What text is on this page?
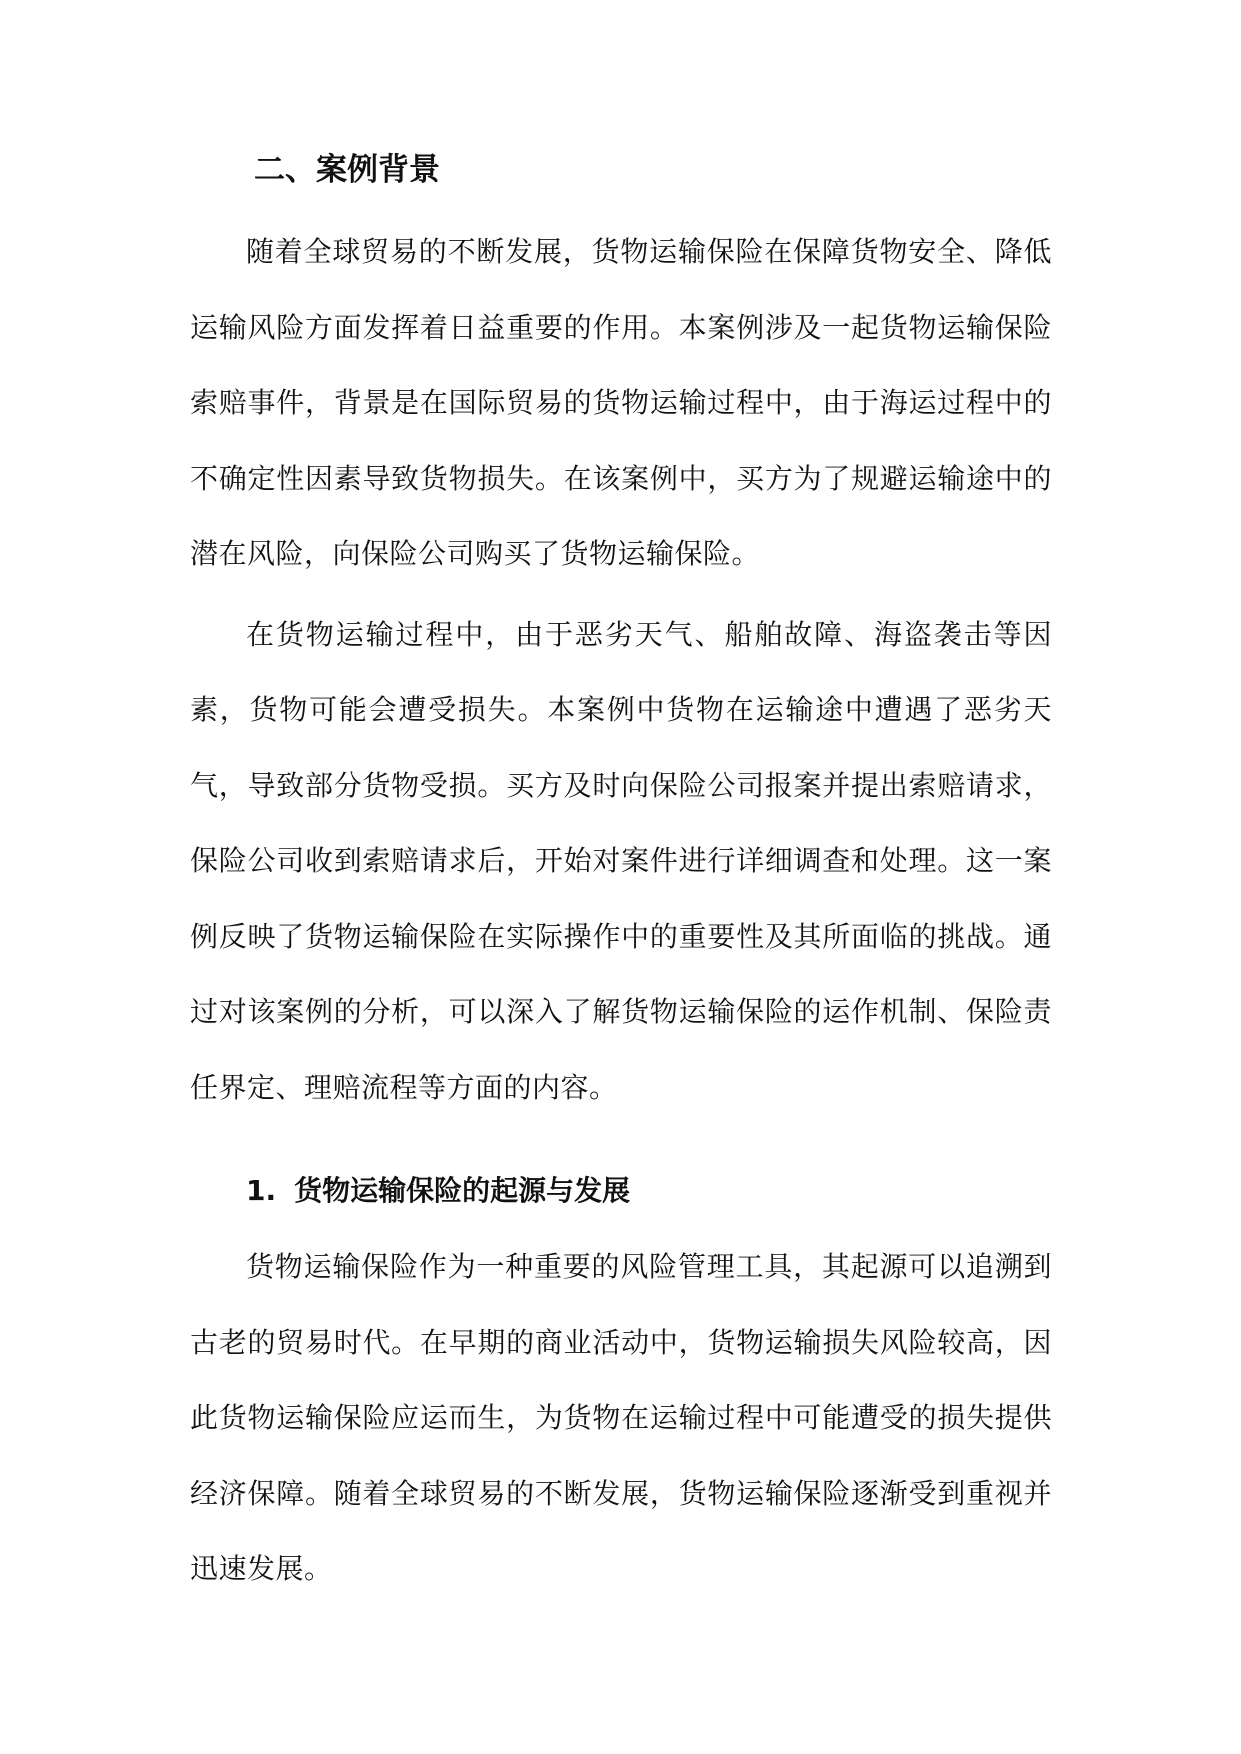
二、案例背景

随着全球贸易的不断发展，货物运输保险在保障货物安全、降低运输风险方面发挥着日益重要的作用。本案例涉及一起货物运输保险索赔事件，背景是在国际贸易的货物运输过程中，由于海运过程中的不确定性因素导致货物损失。在该案例中，买方为了规避运输途中的潜在风险，向保险公司购买了货物运输保险。

在货物运输过程中，由于恶劣天气、船舶故障、海盗袭击等因素，货物可能会遭受损失。本案例中货物在运输途中遭遇了恶劣天气，导致部分货物受损。买方及时向保险公司报案并提出索赔请求，保险公司收到索赔请求后，开始对案件进行详细调查和处理。这一案例反映了货物运输保险在实际操作中的重要性及其所面临的挑战。通过对该案例的分析，可以深入了解货物运输保险的运作机制、保险责任界定、理赔流程等方面的内容。

1. 货物运输保险的起源与发展

货物运输保险作为一种重要的风险管理工具，其起源可以追溯到古老的贸易时代。在早期的商业活动中，货物运输损失风险较高，因此货物运输保险应运而生，为货物在运输过程中可能遭受的损失提供经济保障。随着全球贸易的不断发展，货物运输保险逐渐受到重视并迅速发展。
